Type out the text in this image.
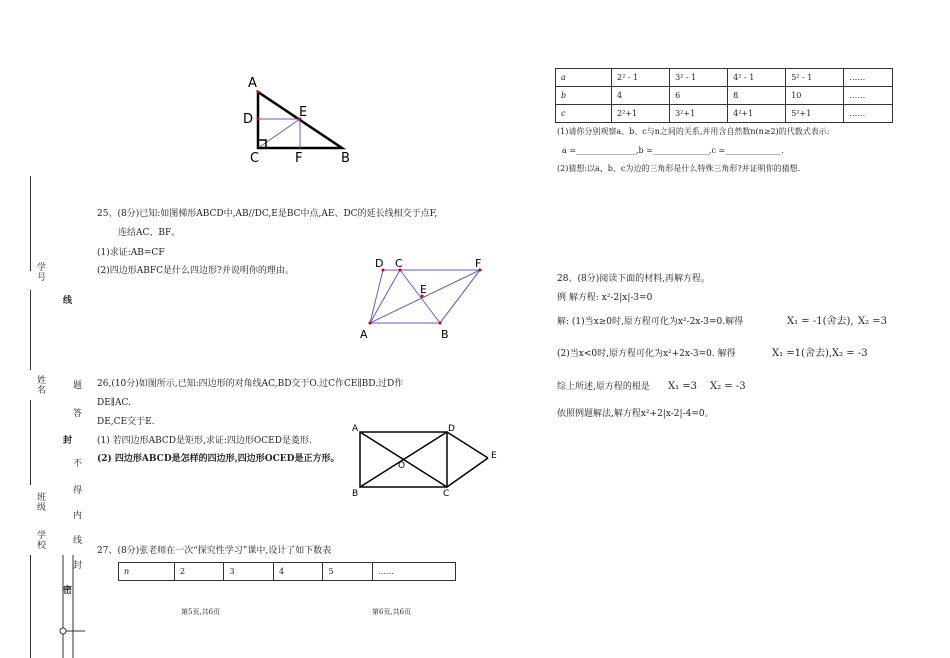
学号
姓名
班级
学校
线
题
答
封
不
得
内
线
封
密
A
D	E
C	F	B
25、(8分)已知:如图梯形ABCD中,AB//DC,E是BC中点,AE、DC的延长线相交于点F,
连结AC、BF。
(1)求证:AB=CF
(2)四边形ABFC是什么四边形?并说明你的理由。
D C	F
E
A	B
26,(10分)如图所示,已知:四边形的对角线AC,BD交于O.过C作CE∥BD.过D作
DE∥AC.
DE,CE交于E.
(1) 若四边形ABCD是矩形,求证:四边形OCED是菱形.
(2) 四边形ABCD是怎样的四边形,四边形OCED是正方形。
A	D
E
O
B	C
27、(8分)张老师在一次“探究性学习”课中,设计了如下数表
n	2	3	4	5	……
第5页,共6页	第6页,共6页
a	2² - 1	3² - 1	4² - 1	5² - 1	……
b	4	6	8	10	……
c	2²+1	3²+1	4²+1	5²+1	……
(1)请你分别观察a、b、c与n之间的关系,并用含自然数n(n≥2)的代数式表示:
a =_______________,b =______________,c =______________.
(2)猜想:以a、b、c为边的三角形是什么特殊三角形?并证明你的猜想.
28、(8分)阅读下面的材料,再解方程。
例 解方程: x²-2|x|-3=0
解: (1)当x≥0时,原方程可化为x²-2x-3=0.解得	X₁ = -1(舍去), X₂ =3
(2)当x<0时,原方程可化为x²+2x-3=0. 解得	X₁ =1(舍去), X₂ = -3
综上所述,原方程的根是 X₁ =3 X₂ = -3
依照例题解法,解方程x²+2|x-2|-4=0。
